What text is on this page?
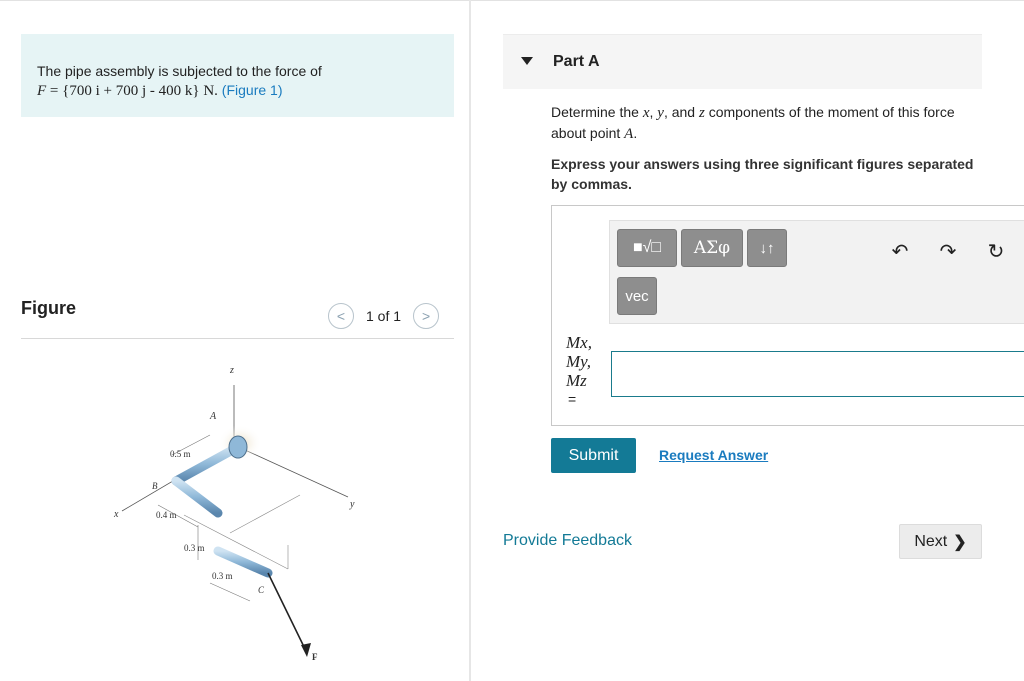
The pipe assembly is subjected to the force of
F = {700 i + 700 j - 400 k} N. (Figure 1)
Figure	< 1 of 1 >
z
x
y
A
B
C
F
0.5 m
0.4 m
0.3 m
0.3 m
Part A
Determine the x, y, and z components of the moment of this force about point A.
Express your answers using three significant figures separated by commas.
■√□	ΑΣφ	↓↑
vec
↶ ↷ ↻
Mx,
My,
Mz
=
Submit	Request Answer
Provide Feedback	Next ❯
